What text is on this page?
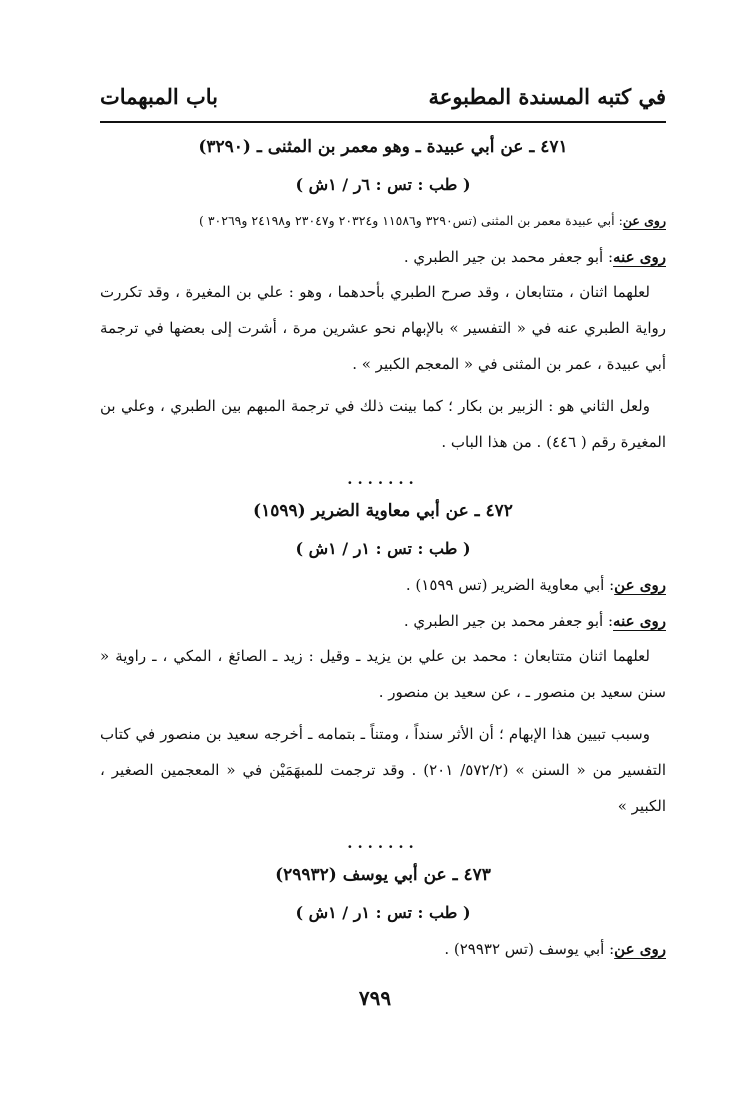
في كتبه المسندة المطبوعة
باب المبهمات
٤٧١ ـ عن أبي عبيدة ـ وهو معمر بن المثنى ـ (٣٢٩٠)
( طب : تس : ٦ر / ١ش )
روى عن: أبي عبيدة معمر بن المثنى (تس٣٢٩٠ و١١٥٨٦ و٢٠٣٢٤ و٢٣٠٤٧ و٢٤١٩٨ و٣٠٢٦٩ )
روى عنه: أبو جعفر محمد بن جير الطبري .
لعلهما اثنان ، متتابعان ، وقد صرح الطبري بأحدهما ، وهو : علي بن المغيرة ، وقد تكررت رواية الطبري عنه في « التفسير » بالإبهام نحو عشرين مرة ، أشرت إلى بعضها في ترجمة أبي عبيدة ، عمر بن المثنى في « المعجم الكبير » .
ولعل الثاني هو : الزبير بن بكار ؛ كما بينت ذلك في ترجمة المبهم بين الطبري ، وعلي بن المغيرة رقم ( ٤٤٦) . من هذا الباب .
.......
٤٧٢ ـ عن أبي معاوية الضرير (١٥٩٩)
( طب : تس : ١ر / ١ش )
روى عن: أبي معاوية الضرير (تس ١٥٩٩) .
روى عنه: أبو جعفر محمد بن جير الطبري .
لعلهما اثنان متتابعان : محمد بن علي بن يزيد ـ وقيل : زيد ـ الصائغ ، المكي ، ـ راوية « سنن سعيد بن منصور ـ ، عن سعيد بن منصور .
وسبب تبيين هذا الإبهام ؛ أن الأثر سنداً ، ومتناً ـ بتمامه ـ أخرجه سعيد بن منصور في كتاب التفسير من « السنن » (٥٧٢/٢/ ٢٠١) . وقد ترجمت للمبهَمَيْن في « المعجمين الصغير ، الكبير »
.......
٤٧٣ ـ عن أبي يوسف (٢٩٩٣٢)
( طب : تس : ١ر / ١ش )
روى عن: أبي يوسف (تس ٢٩٩٣٢) .
٧٩٩
